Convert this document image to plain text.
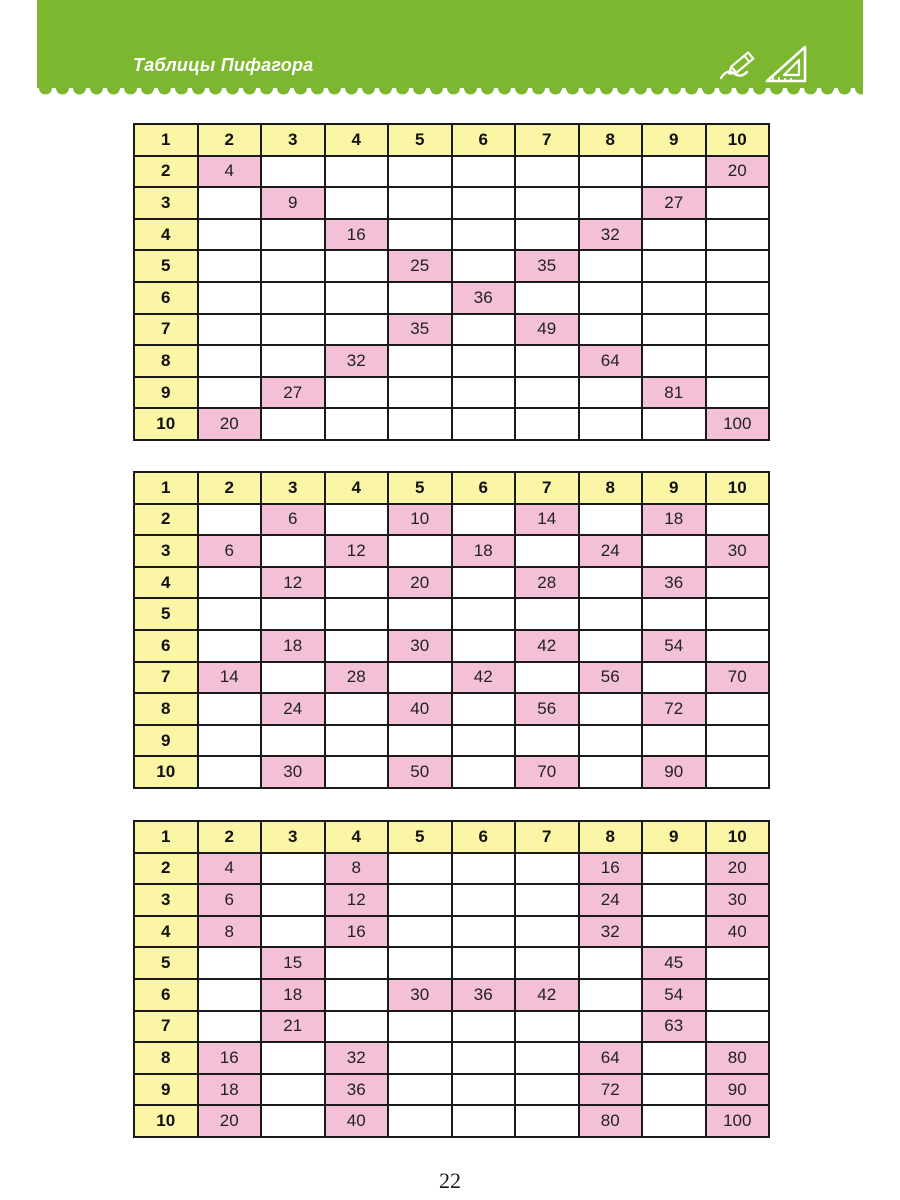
Таблицы Пифагора
1	2	3	4	5	6	7	8	9	10
2	4								20
3		9						27	
4			16				32		
5				25		35			
6					36				
7				35		49			
8			32				64		
9		27						81	
10	20								100
1	2	3	4	5	6	7	8	9	10
2		6		10		14		18	
3	6		12		18		24		30
4		12		20		28		36	
5									
6		18		30		42		54	
7	14		28		42		56		70
8		24		40		56		72	
9									
10		30		50		70		90	
1	2	3	4	5	6	7	8	9	10
2	4		8				16		20
3	6		12				24		30
4	8		16				32		40
5		15						45	
6		18		30	36	42		54	
7		21						63	
8	16		32				64		80
9	18		36				72		90
10	20		40				80		100
22
